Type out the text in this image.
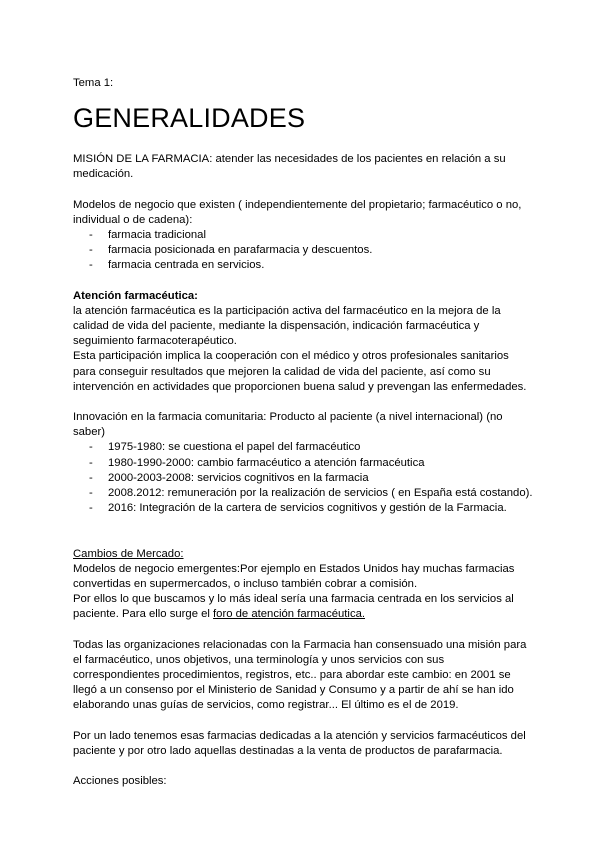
Tema 1:

GENERALIDADES

MISIÓN DE LA FARMACIA: atender las necesidades de los pacientes en relación a su medicación.

Modelos de negocio que existen ( independientemente del propietario; farmacéutico o no, individual o de cadena):

- farmacia tradicional
- farmacia posicionada en parafarmacia y descuentos.
- farmacia centrada en servicios.

Atención farmacéutica:

la atención farmacéutica es la participación activa del farmacéutico en la mejora de la calidad de vida del paciente, mediante la dispensación, indicación farmacéutica y seguimiento farmacoterapéutico.

Esta participación implica la cooperación con el médico y otros profesionales sanitarios para conseguir resultados que mejoren la calidad de vida del paciente, así como su intervención en actividades que proporcionen buena salud y prevengan las enfermedades.

Innovación en la farmacia comunitaria: Producto al paciente (a nivel internacional) (no saber)

- 1975-1980: se cuestiona el papel del farmacéutico
- 1980-1990-2000: cambio farmacéutico a atención farmacéutica
- 2000-2003-2008: servicios cognitivos en la farmacia
- 2008.2012: remuneración por la realización de servicios ( en España está costando).
- 2016: Integración de la cartera de servicios cognitivos y gestión de la Farmacia.

Cambios de Mercado:

Modelos de negocio emergentes:Por ejemplo en Estados Unidos hay muchas farmacias convertidas en supermercados, o incluso también cobrar a comisión.

Por ellos lo que buscamos y lo más ideal sería una farmacia centrada en los servicios al paciente. Para ello surge el foro de atención farmacéutica.

Todas las organizaciones relacionadas con la Farmacia han consensuado una misión para el farmacéutico, unos objetivos, una terminología y unos servicios con sus correspondientes procedimientos, registros, etc.. para abordar este cambio: en 2001 se llegó a un consenso por el Ministerio de Sanidad y Consumo y a partir de ahí se han ido elaborando unas guías de servicios, como registrar... El último es el de 2019.

Por un lado tenemos esas farmacias dedicadas a la atención y servicios farmacéuticos del paciente y por otro lado aquellas destinadas a la venta de productos de parafarmacia.

Acciones posibles:
